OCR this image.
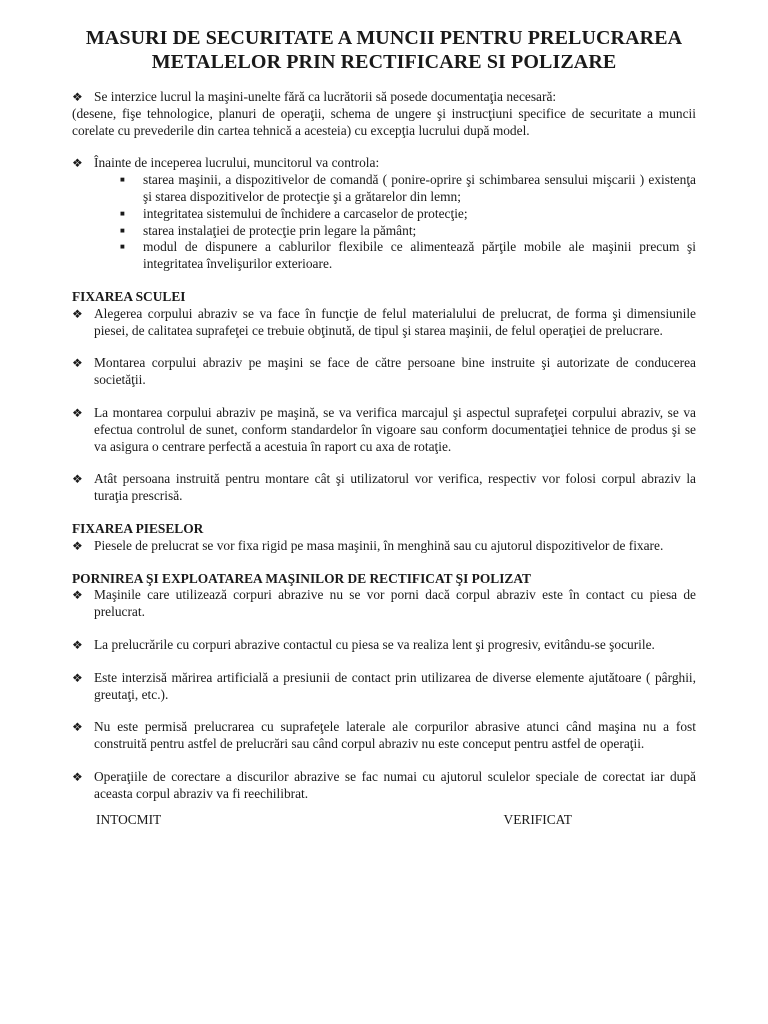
MASURI DE SECURITATE A MUNCII PENTRU PRELUCRAREA METALELOR PRIN RECTIFICARE SI POLIZARE
❖ Se interzice lucrul la maşini-unelte fără ca lucrătorii să posede documentaţia necesară:

(desene, fişe tehnologice, planuri de operaţii, schema de ungere şi instrucţiuni specifice de securitate a muncii corelate cu prevederile din cartea tehnică a acesteia) cu excepţia lucrului după model.

❖ Înainte de inceperea lucrului, muncitorul va controla:

■	starea maşinii, a dispozitivelor de comandă ( ponire-oprire şi schimbarea sensului mişcarii ) existenţa şi starea dispozitivelor de protecţie şi a grătarelor din lemn;
■	integritatea sistemului de închidere a carcaselor de protecţie;
■	starea instalaţiei de protecţie prin legare la pământ;
■	modul de dispunere a cablurilor flexibile ce alimentează părţile mobile ale maşinii precum şi integritatea învelişurilor exterioare.

FIXAREA SCULEI

❖ Alegerea corpului abraziv se va face în funcţie de felul materialului de prelucrat, de forma şi dimensiunile piesei, de calitatea suprafeţei ce trebuie obţinută, de tipul şi starea maşinii, de felul operaţiei de prelucrare.

❖ Montarea corpului abraziv pe maşini se face de către persoane bine instruite şi autorizate de conducerea societăţii.

❖ La montarea corpului abraziv pe maşină, se va verifica marcajul şi aspectul suprafeţei corpului abraziv, se va efectua controlul de sunet, conform standardelor în vigoare sau conform documentaţiei tehnice de produs şi se va asigura o centrare perfectă a acestuia în raport cu axa de rotaţie.

❖ Atât persoana instruită pentru montare cât şi utilizatorul vor verifica, respectiv vor folosi corpul abraziv la turaţia prescrisă.

FIXAREA PIESELOR

❖ Piesele de prelucrat se vor fixa rigid pe masa maşinii, în menghină sau cu ajutorul dispozitivelor de fixare.

PORNIREA ŞI EXPLOATAREA MAŞINILOR DE RECTIFICAT ŞI POLIZAT

❖ Maşinile care utilizează corpuri abrazive nu se vor porni dacă corpul abraziv este în contact cu piesa de prelucrat.

❖ La prelucrările cu corpuri abrazive contactul cu piesa se va realiza lent şi progresiv, evitându-se şocurile.

❖ Este interzisă mărirea artificială a presiunii de contact prin utilizarea de diverse elemente ajutătoare ( pârghii, greutaţi, etc.).

❖ Nu este permisă prelucrarea cu suprafeţele laterale ale corpurilor abrasive atunci când maşina nu a fost construită pentru astfel de prelucrări sau când corpul abraziv nu este conceput pentru astfel de operaţii.

❖ Operaţiile de corectare a discurilor abrazive se fac numai cu ajutorul sculelor speciale de corectat iar după aceasta corpul abraziv va fi reechilibrat.

INTOCMIT	VERIFICAT
